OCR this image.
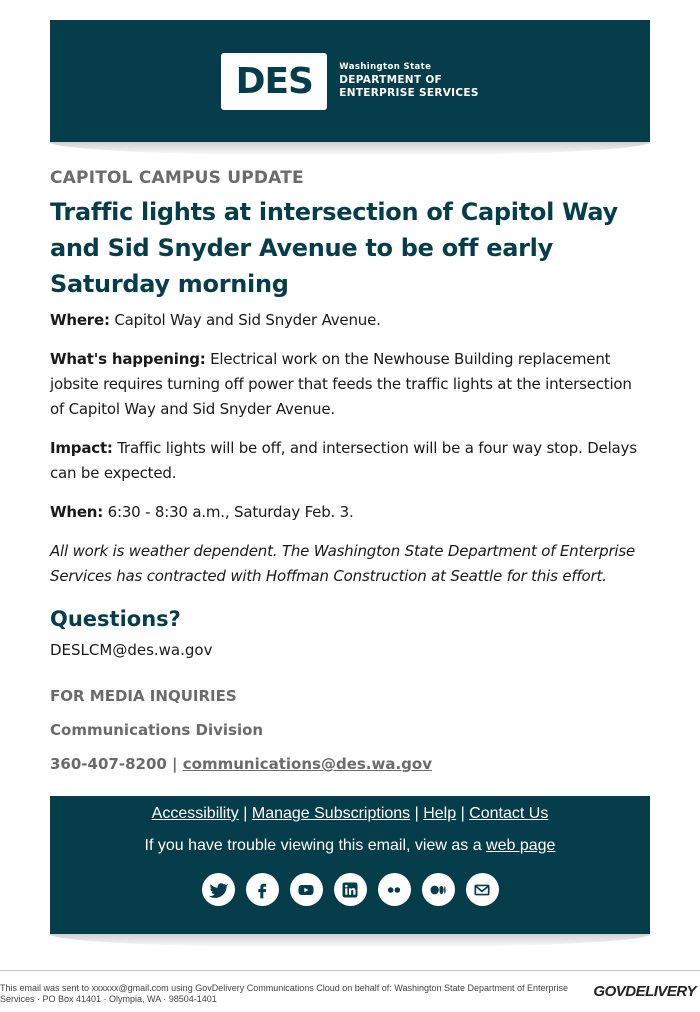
DES	Washington State
DEPARTMENT OF
ENTERPRISE SERVICES
CAPITOL CAMPUS UPDATE
Traffic lights at intersection of Capitol Way and Sid Snyder Avenue to be off early Saturday morning

Where: Capitol Way and Sid Snyder Avenue.

What's happening: Electrical work on the Newhouse Building replacement jobsite requires turning off power that feeds the traffic lights at the intersection of Capitol Way and Sid Snyder Avenue.

Impact: Traffic lights will be off, and intersection will be a four way stop. Delays can be expected.

When: 6:30 - 8:30 a.m., Saturday Feb. 3.

All work is weather dependent. The Washington State Department of Enterprise Services has contracted with Hoffman Construction at Seattle for this effort.

Questions?
DESLCM@des.wa.gov
FOR MEDIA INQUIRIES
Communications Division
360-407-8200 | communications@des.wa.gov
Accessibility | Manage Subscriptions | Help | Contact Us
If you have trouble viewing this email, view as a web page
This email was sent to xxxxxx@gmail.com using GovDelivery Communications Cloud on behalf of: Washington State Department of Enterprise Services · PO Box 41401 · Olympia, WA · 98504-1401	GOVDELIVERY
